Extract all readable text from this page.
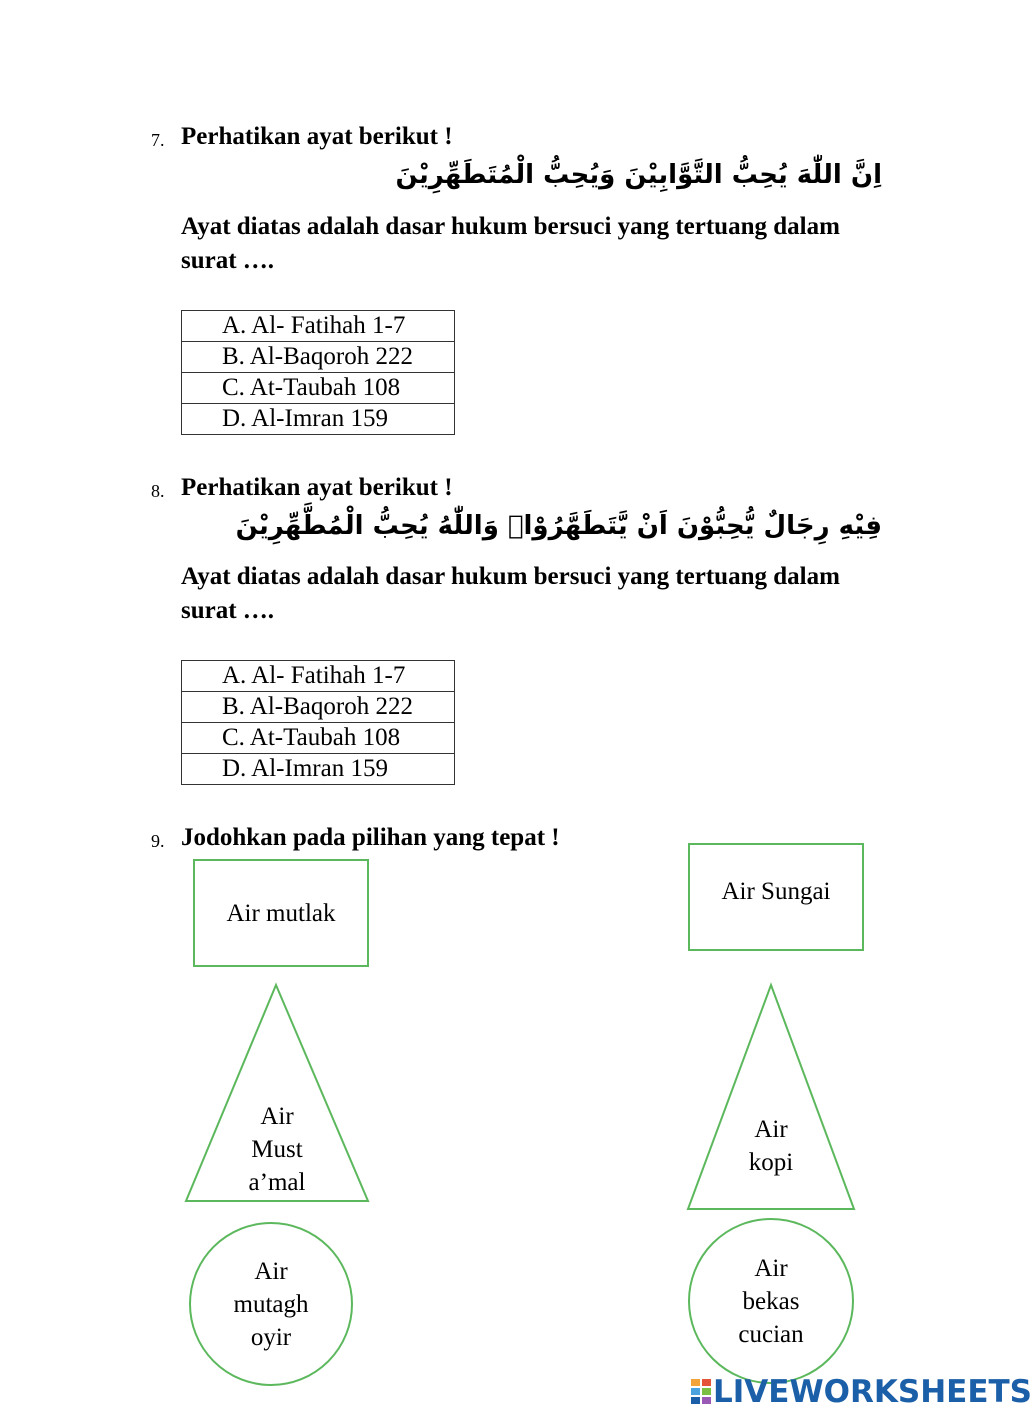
7. Perhatikan ayat berikut !
اِنَّ اللّٰهَ يُحِبُّ التَّوَّابِيْنَ وَيُحِبُّ الْمُتَطَهِّرِيْنَ
Ayat diatas adalah dasar hukum bersuci yang tertuang dalam surat ….
A. Al- Fatihah 1-7
B. Al-Baqoroh 222
C. At-Taubah 108
D. Al-Imran 159
8. Perhatikan ayat berikut !
فِيْهِ رِجَالٌ يُّحِبُّوْنَ اَنْ يَّتَطَهَّرُوْاۗ وَاللّٰهُ يُحِبُّ الْمُطَّهِّرِيْنَ
Ayat diatas adalah dasar hukum bersuci yang tertuang dalam surat ….
A. Al- Fatihah 1-7
B. Al-Baqoroh 222
C. At-Taubah 108
D. Al-Imran 159
9. Jodohkan pada pilihan yang tepat !
Air mutlak
Air
Must
a’mal
Air
mutagh
oyir
Air Sungai
Air
kopi
Air
bekas
cucian
LIVEWORKSHEETS
